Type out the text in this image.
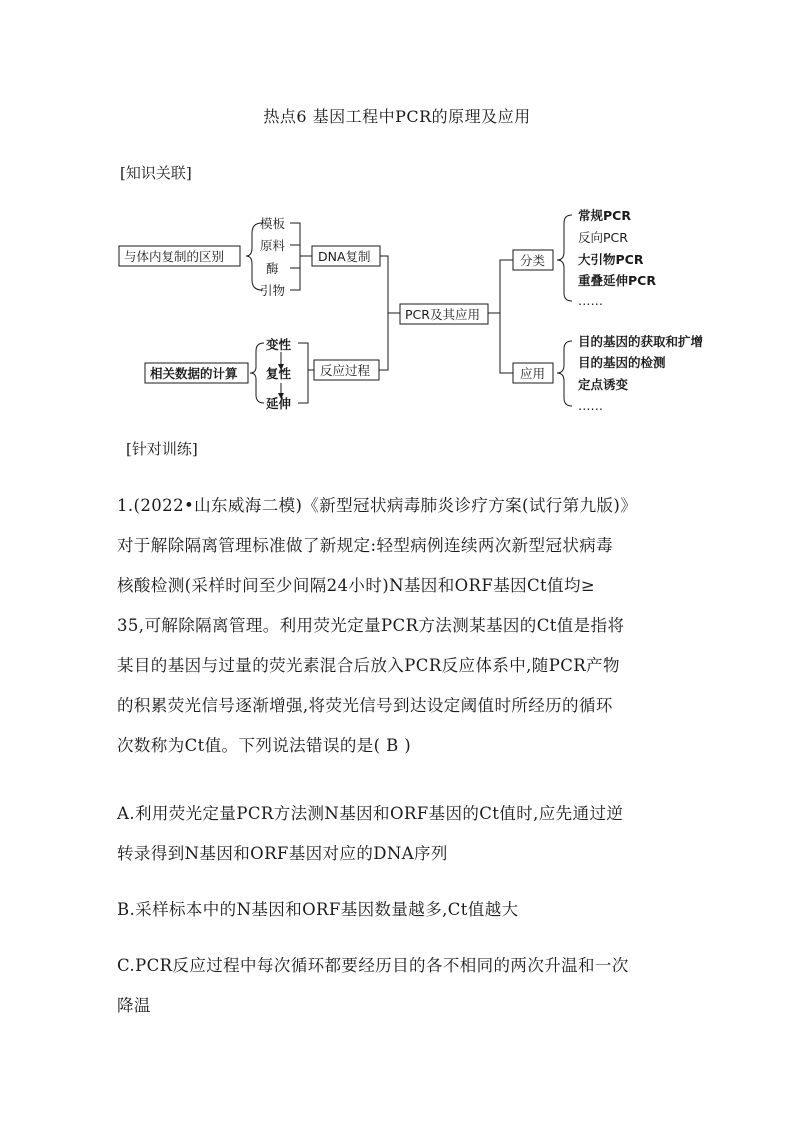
热点6 基因工程中PCR的原理及应用
[知识关联]
与体内复制的区别
模板
原料
酶
引物
DNA复制
相关数据的计算
变性
复性
延伸
反应过程
PCR及其应用
分类
常规PCR
反向PCR
大引物PCR
重叠延伸PCR
……
应用
目的基因的获取和扩增
目的基因的检测
定点诱变
……
[针对训练]
1.(2022•山东威海二模)《新型冠状病毒肺炎诊疗方案(试行第九版)》
对于解除隔离管理标准做了新规定:轻型病例连续两次新型冠状病毒
核酸检测(采样时间至少间隔24小时)N基因和ORF基因Ct值均≥
35,可解除隔离管理。利用荧光定量PCR方法测某基因的Ct值是指将
某目的基因与过量的荧光素混合后放入PCR反应体系中,随PCR产物
的积累荧光信号逐渐增强,将荧光信号到达设定阈值时所经历的循环
次数称为Ct值。下列说法错误的是( B )
A.利用荧光定量PCR方法测N基因和ORF基因的Ct值时,应先通过逆
转录得到N基因和ORF基因对应的DNA序列
B.采样标本中的N基因和ORF基因数量越多,Ct值越大
C.PCR反应过程中每次循环都要经历目的各不相同的两次升温和一次
降温
